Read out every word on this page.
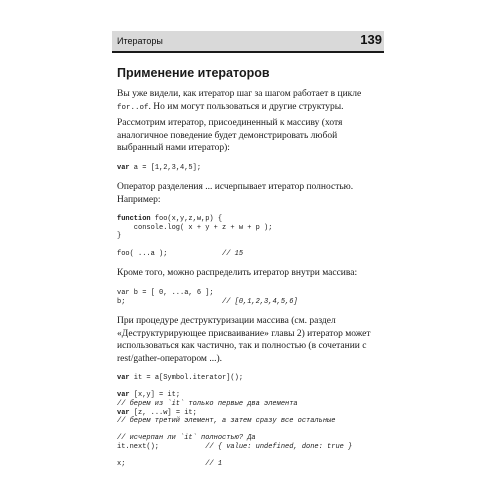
Итераторы	139
Применение итераторов

Вы уже видели, как итератор шаг за шагом работает в цикле for..of. Но им могут пользоваться и другие структуры.

Рассмотрим итератор, присоединенный к массиву (хотя аналогичное поведение будет демонстрировать любой выбранный нами итератор):

var a = [1,2,3,4,5];

Оператор разделения ... исчерпывает итератор полностью. Например:

function foo(x,y,z,w,p) {
console.log( x + y + z + w + p );
}
foo( ...a );             // 15

Кроме того, можно распределить итератор внутри массива:

var b = [ 0, ...a, 6 ];
b;                       // [0,1,2,3,4,5,6]

При процедуре деструктуризации массива (см. раздел «Деструктурирующее присваивание» главы 2) итератор может использоваться как частично, так и полностью (в сочетании с rest/gather-оператором ...).

var it = a[Symbol.iterator]();
var [x,y] = it;
// берем из `it` только первые два элемента
var [z, ...w] = it;
// берем третий элемент, а затем сразу все остальные
// исчерпан ли `it` полностью? Да
it.next();           // { value: undefined, done: true }
x;                   // 1
